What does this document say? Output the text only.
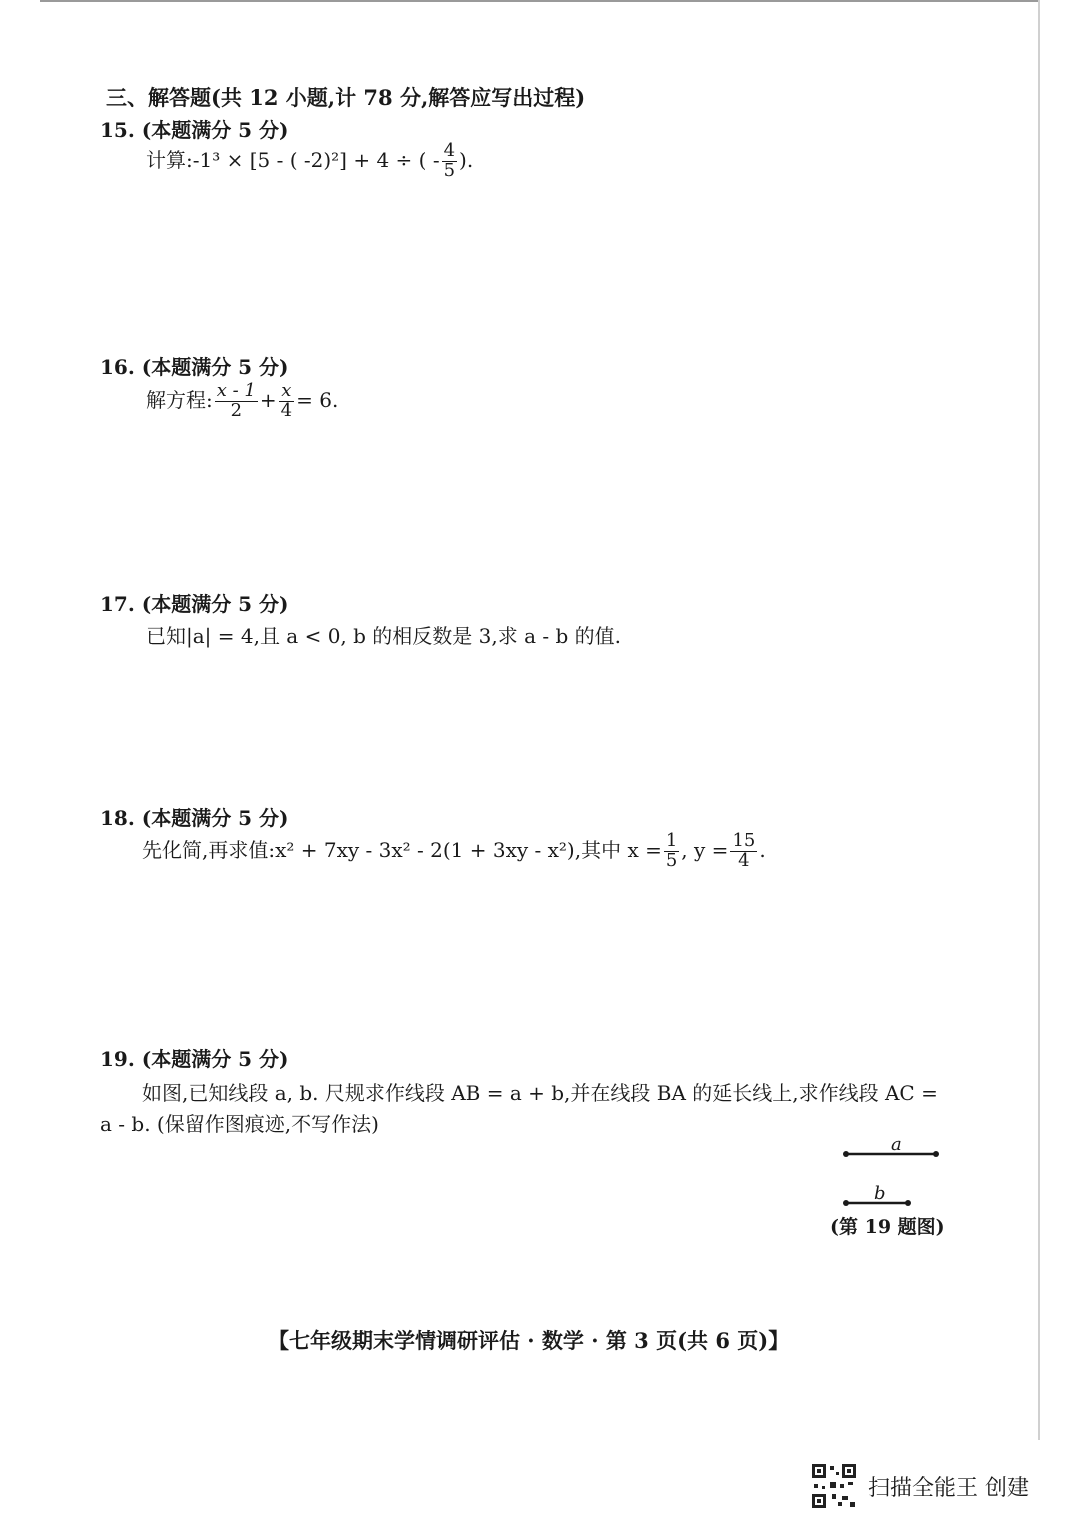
三、解答题(共 12 小题,计 78 分,解答应写出过程)
15. (本题满分 5 分)
计算:-1³ × [5 - ( -2)²] + 4 ÷ ( - $\frac{4}{5}$ ).
16. (本题满分 5 分)
解方程: $\frac{x - 1}{2} + \frac{x}{4} = 6$.
17. (本题满分 5 分)
已知|a| = 4,且 a < 0, b 的相反数是 3,求 a - b 的值.
18. (本题满分 5 分)
先化简,再求值:x² + 7xy - 3x² - 2(1 + 3xy - x²),其中 $x = \frac{1}{5}$ , $y = \frac{15}{4}$ .
19. (本题满分 5 分)
如图,已知线段 a, b. 尺规求作线段 AB = a + b,并在线段 BA 的延长线上,求作线段 AC =
a - b. (保留作图痕迹,不写作法)
a
b
(第 19 题图)
【七年级期末学情调研评估 · 数学 · 第 3 页(共 6 页)】
扫描全能王 创建
